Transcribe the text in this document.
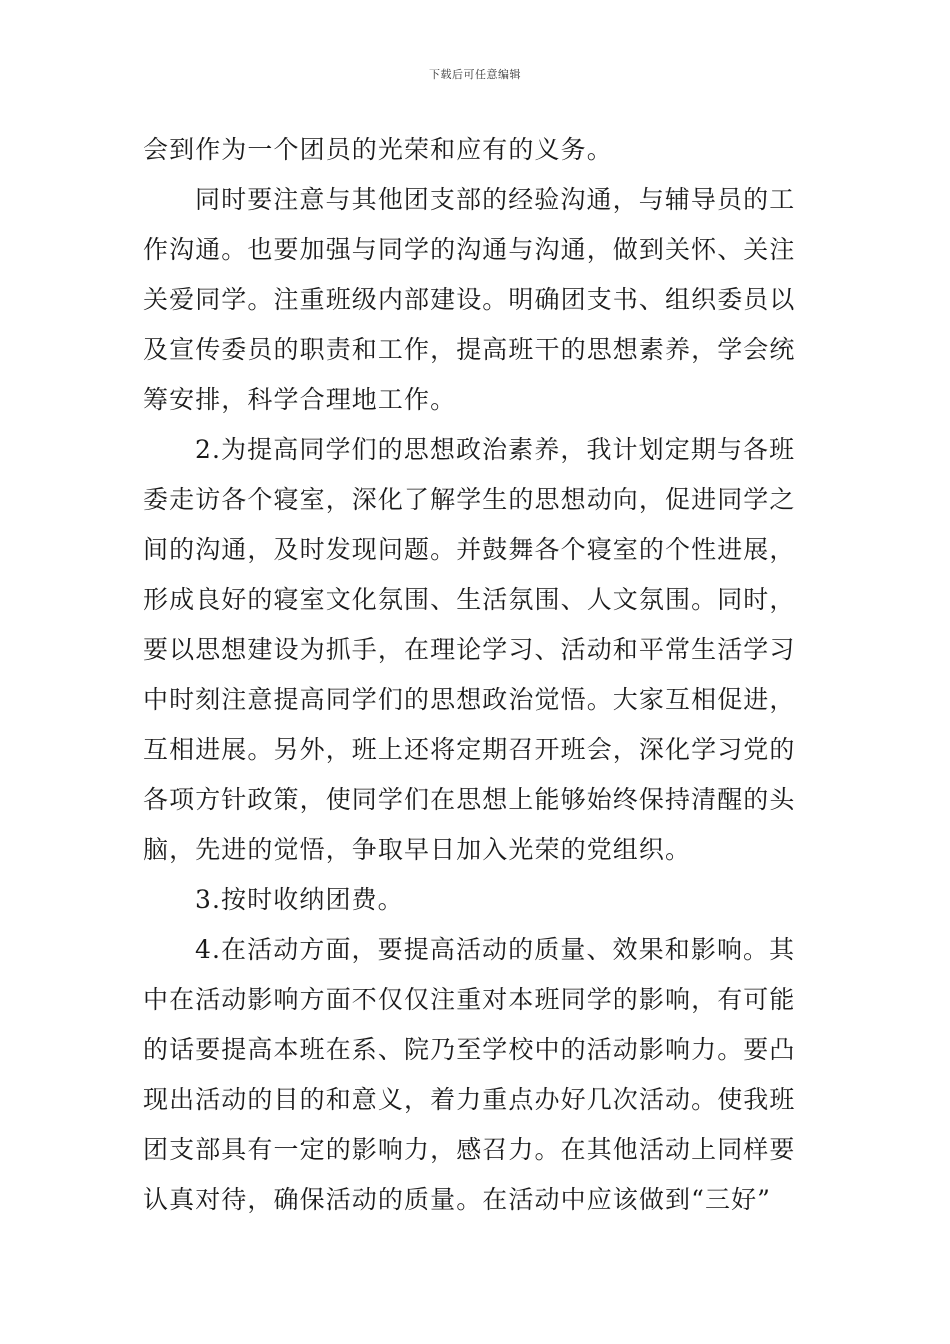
下载后可任意编辑
会到作为一个团员的光荣和应有的义务。
同时要注意与其他团支部的经验沟通，与辅导员的工
作沟通。也要加强与同学的沟通与沟通，做到关怀、关注
关爱同学。注重班级内部建设。明确团支书、组织委员以
及宣传委员的职责和工作，提高班干的思想素养，学会统
筹安排，科学合理地工作。
2.为提高同学们的思想政治素养，我计划定期与各班
委走访各个寝室，深化了解学生的思想动向，促进同学之
间的沟通，及时发现问题。并鼓舞各个寝室的个性进展，
形成良好的寝室文化氛围、生活氛围、人文氛围。同时，
要以思想建设为抓手，在理论学习、活动和平常生活学习
中时刻注意提高同学们的思想政治觉悟。大家互相促进，
互相进展。另外，班上还将定期召开班会，深化学习党的
各项方针政策，使同学们在思想上能够始终保持清醒的头
脑，先进的觉悟，争取早日加入光荣的党组织。
3.按时收纳团费。
4.在活动方面，要提高活动的质量、效果和影响。其
中在活动影响方面不仅仅注重对本班同学的影响，有可能
的话要提高本班在系、院乃至学校中的活动影响力。要凸
现出活动的目的和意义，着力重点办好几次活动。使我班
团支部具有一定的影响力，感召力。在其他活动上同样要
认真对待，确保活动的质量。在活动中应该做到“三好”
